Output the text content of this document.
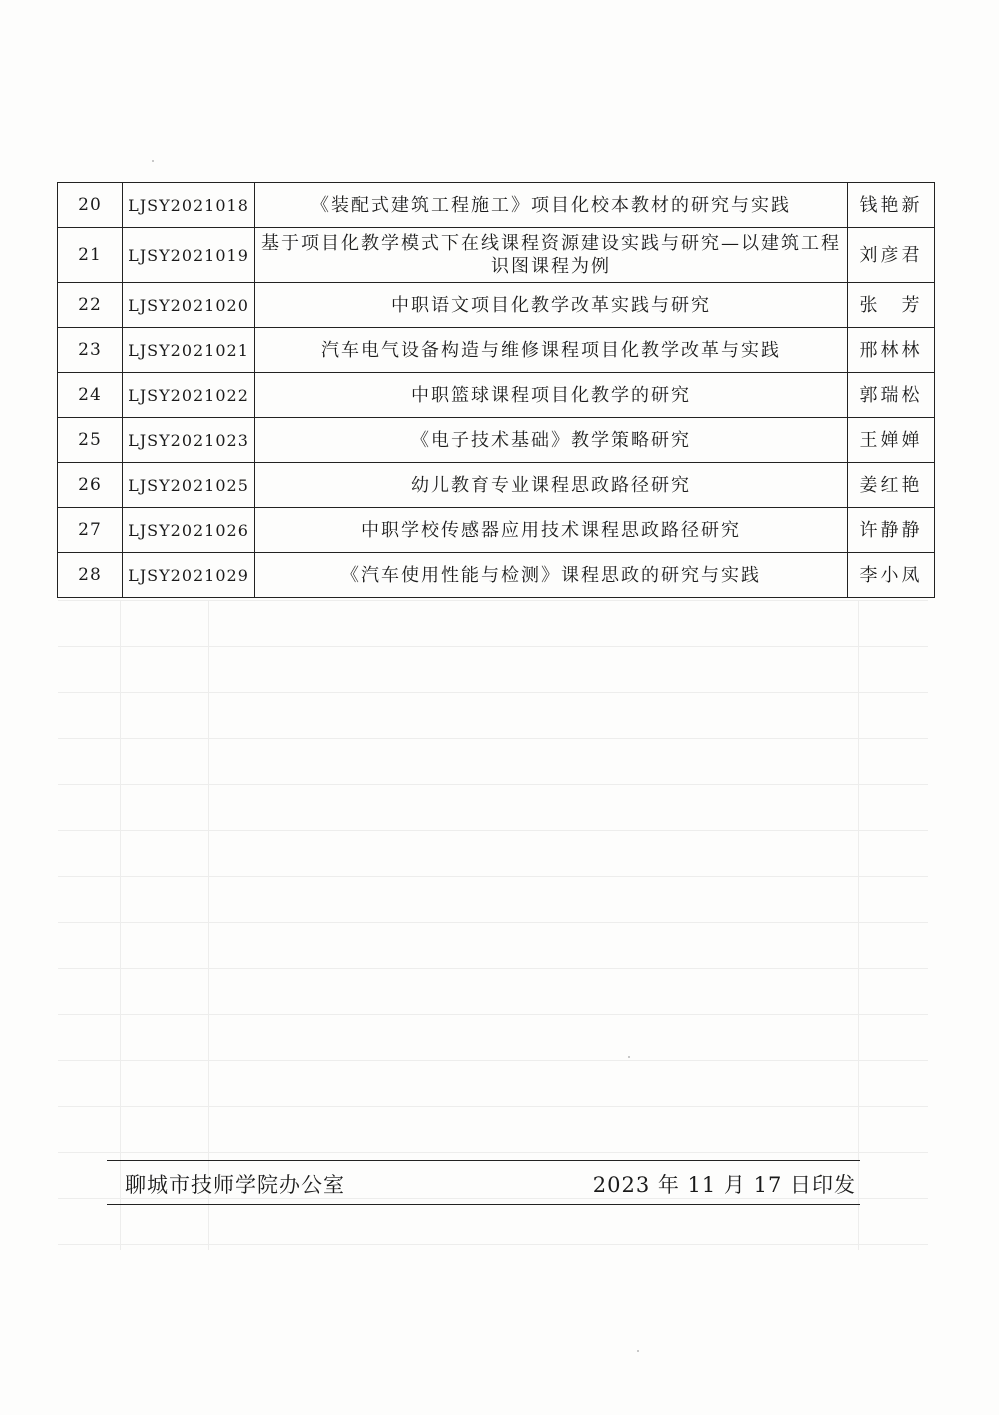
20	LJSY2021018	《装配式建筑工程施工》项目化校本教材的研究与实践	钱艳新
21	LJSY2021019	基于项目化教学模式下在线课程资源建设实践与研究—以建筑工程识图课程为例	刘彦君
22	LJSY2021020	中职语文项目化教学改革实践与研究	张　芳
23	LJSY2021021	汽车电气设备构造与维修课程项目化教学改革与实践	邢林林
24	LJSY2021022	中职篮球课程项目化教学的研究	郭瑞松
25	LJSY2021023	《电子技术基础》教学策略研究	王婵婵
26	LJSY2021025	幼儿教育专业课程思政路径研究	姜红艳
27	LJSY2021026	中职学校传感器应用技术课程思政路径研究	许静静
28	LJSY2021029	《汽车使用性能与检测》课程思政的研究与实践	李小凤
聊城市技师学院办公室	2023 年 11 月 17 日印发
